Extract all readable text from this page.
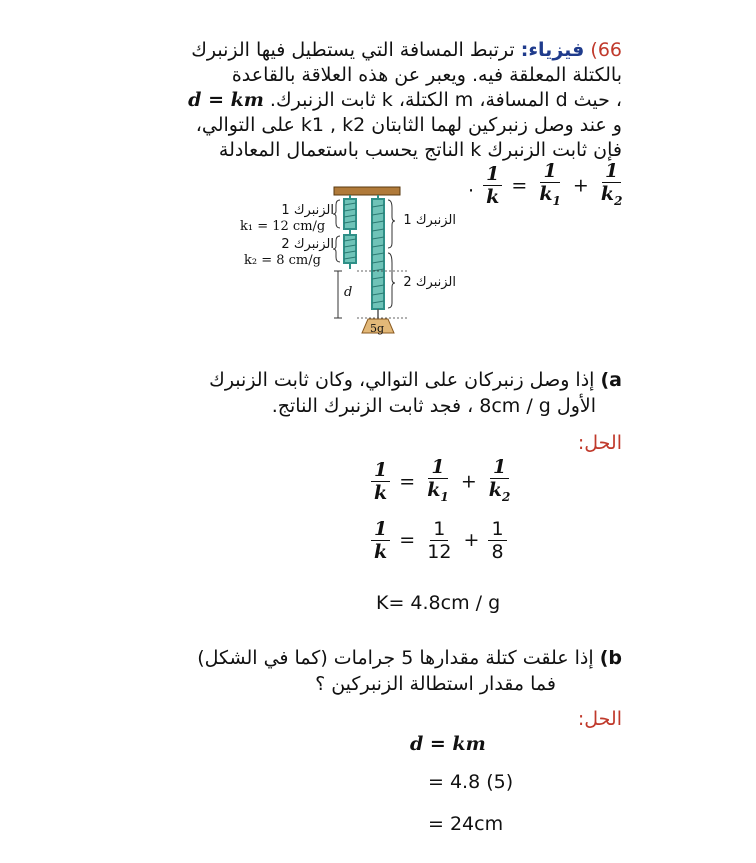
66) فيزياء: ترتبط المسافة التي يستطيل فيها الزنبرك
بالكتلة المعلقة فيه. ويعبر عن هذه العلاقة بالقاعدة
، حيث d المسافة، m الكتلة، k ثابت الزنبرك. d = km
و عند وصل زنبركين لهما الثابتان k1 , k2 على التوالي،
فإن ثابت الزنبرك k الناتج يحسب باستعمال المعادلة
. $\frac{1}{k} = \frac{1}{k_1} + \frac{1}{k_2}$
الزنبرك 1
k₁ = 12 cm/g
الزنبرك 2
k₂ = 8 cm/g
الزنبرك 1
الزنبرك 2
d
5g
a) إذا وصل زنبركان على التوالي، وكان ثابت الزنبرك
الأول 8cm / g ، فجد ثابت الزنبرك الناتج.
الحل:
$\frac{1}{k} = \frac{1}{k_1} + \frac{1}{k_2}$
$\frac{1}{k} = \frac{1}{12} + \frac{1}{8}$
K= 4.8cm / g
b) إذا علقت كتلة مقدارها 5 جرامات (كما في الشكل)
فما مقدار استطالة الزنبركين ؟
الحل:
d = km
= 4.8 (5)
= 24cm
